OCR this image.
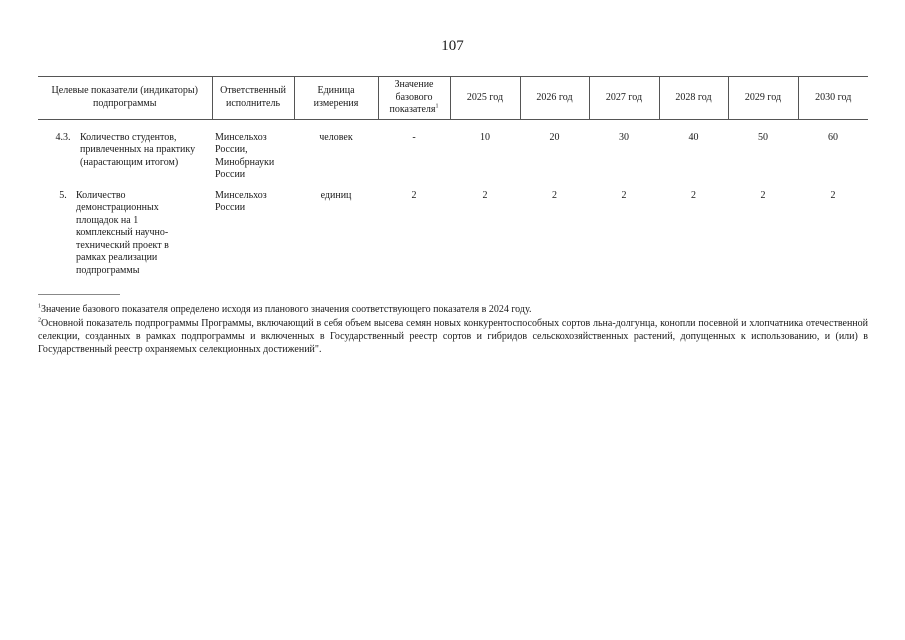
107
Целевые показатели (индикаторы) подпрограммы	Ответственный исполнитель	Единица измерения	Значение базового показателя$^1$	2025 год	2026 год	2027 год	2028 год	2029 год	2030 год

4.3. Количество студентов, привлеченных на практику (нарастающим итогом)	Минсельхоз России, Минобрнауки России	человек	-	10	20	30	40	50	60

5. Количество демонстрационных площадок на 1 комплексный научно-технический проект в рамках реализации подпрограммы	Минсельхоз России	единиц	2	2	2	2	2	2	2

$^1$Значение базового показателя определено исходя из планового значения соответствующего показателя в 2024 году.

$^2$Основной показатель подпрограммы Программы, включающий в себя объем высева семян новых конкурентоспособных сортов льна-долгунца, конопли посевной и хлопчатника отечественной селекции, созданных в рамках подпрограммы и включенных в Государственный реестр сортов и гибридов сельскохозяйственных растений, допущенных к использованию, и (или) в Государственный реестр охраняемых селекционных достижений".
